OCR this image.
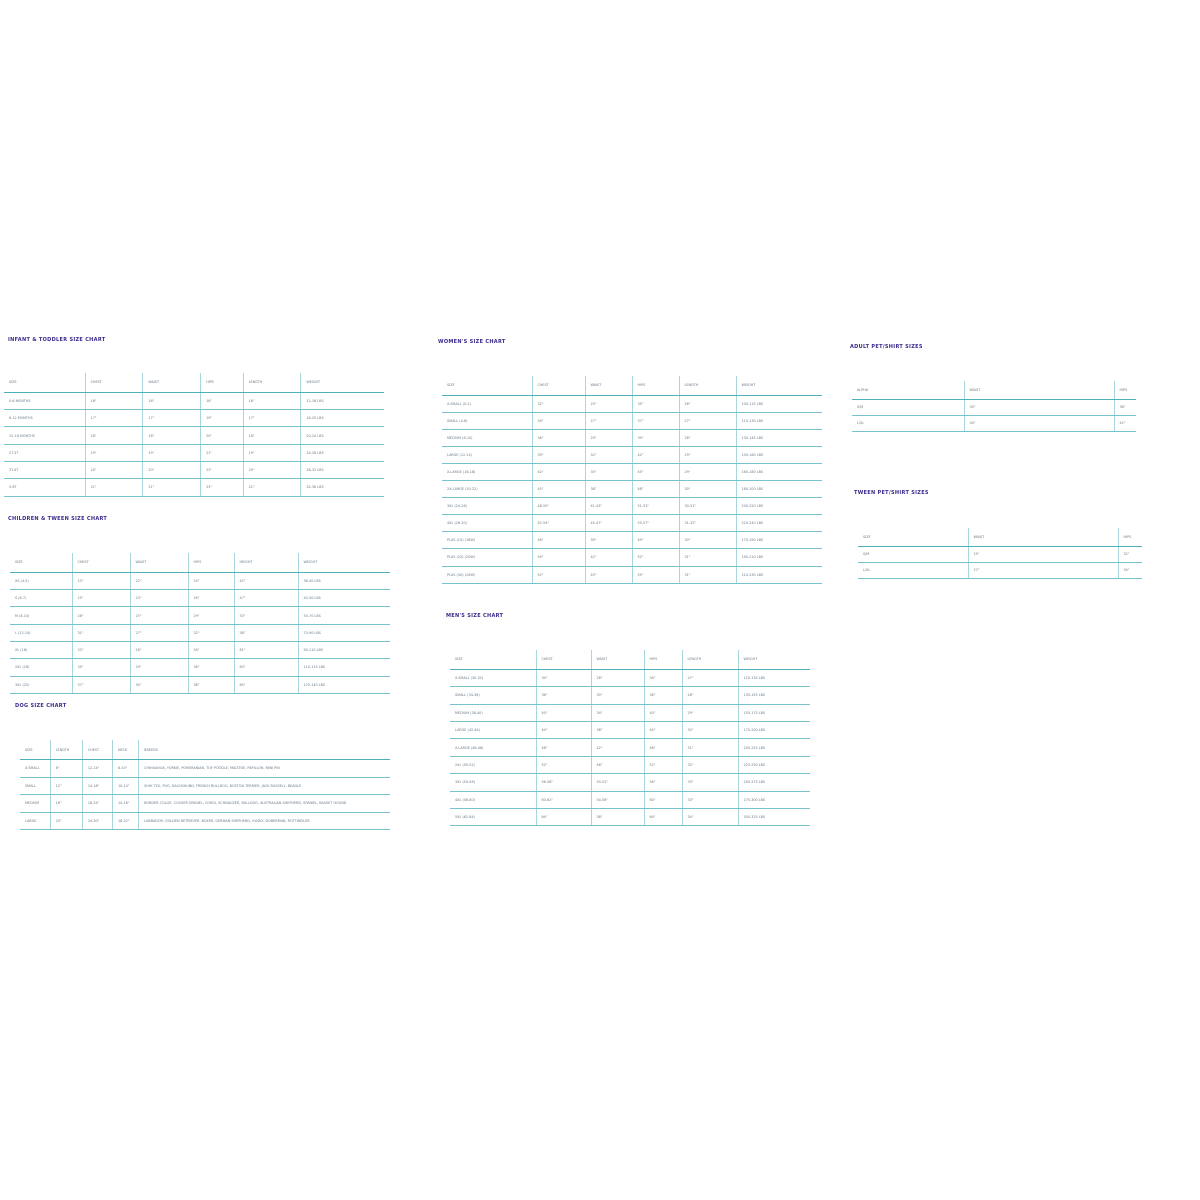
INFANT & TODDLER SIZE CHART
SIZE	CHEST	WAIST	HIPS	LENGTH	WEIGHT
0-6 MONTHS	16"	16"	18"	16"	12-16 LBS
6-12 MONTHS	17"	17"	19"	17"	16-20 LBS
12-18 MONTHS	18"	18"	20"	18"	20-24 LBS
2T-3T	19"	19"	21"	19"	24-28 LBS
3T-4T	20"	20"	22"	20"	28-32 LBS
5-6T	21"	21"	23"	21"	32-36 LBS
CHILDREN & TWEEN SIZE CHART
SIZE	CHEST	WAIST	HIPS	HEIGHT	WEIGHT
XS (4-5)	23"	22"	24"	42"	36-40 LBS
S (6-7)	25"	23"	26"	47"	40-50 LBS
M (8-10)	28"	25"	29"	53"	50-70 LBS
L (12-14)	31"	27"	32"	58"	70-90 LBS
XL (16)	33"	28"	34"	61"	90-110 LBS
2XL (18)	35"	29"	36"	63"	110-125 LBS
3XL (20)	37"	30"	38"	65"	125-140 LBS
DOG SIZE CHART
SIZE	LENGTH	CHEST	NECK	BREEDS
X-SMALL	8"	12-14"	8-10"	CHIHUAHUA, YORKIE, POMERANIAN, TOY POODLE, MALTESE, PAPILLON, MINI PIN
SMALL	12"	14-18"	10-14"	SHIH TZU, PUG, DACHSHUND, FRENCH BULLDOG, BOSTON TERRIER, JACK RUSSELL, BEAGLE
MEDIUM	16"	18-24"	14-18"	BORDER COLLIE, COCKER SPANIEL, CORGI, SCHNAUZER, BULLDOG, AUSTRALIAN SHEPHERD, SPANIEL, BASSET HOUND
LARGE	20"	24-30"	18-22"	LABRADOR, GOLDEN RETRIEVER, BOXER, GERMAN SHEPHERD, HUSKY, DOBERMAN, ROTTWEILER
WOMEN'S SIZE CHART
SIZE	CHEST	WAIST	HIPS	LENGTH	WEIGHT
X-SMALL (0-2)	32"	25"	35"	26"	100-115 LBS
SMALL (4-6)	34"	27"	37"	27"	115-130 LBS
MEDIUM (8-10)	36"	29"	39"	28"	130-145 LBS
LARGE (12-14)	39"	32"	42"	29"	145-160 LBS
X-LARGE (16-18)	42"	35"	45"	29"	160-180 LBS
2X-LARGE (20-22)	45"	38"	48"	30"	180-200 LBS
3XL (24-26)	48-50"	41-43"	51-53"	30-31"	200-220 LBS
4XL (28-30)	52-54"	45-47"	55-57"	31-32"	220-240 LBS
PLUS (1X) (16W)	46"	39"	49"	30"	170-190 LBS
PLUS (2X) (20W)	49"	42"	52"	31"	190-210 LBS
PLUS (3X) (24W)	52"	45"	55"	31"	210-230 LBS
MEN'S SIZE CHART
SIZE	CHEST	WAIST	HIPS	LENGTH	WEIGHT
X-SMALL (30-32)	34"	28"	34"	27"	120-135 LBS
SMALL (34-36)	36"	30"	36"	28"	135-155 LBS
MEDIUM (38-40)	40"	34"	40"	29"	155-175 LBS
LARGE (42-44)	44"	38"	44"	30"	175-200 LBS
X-LARGE (46-48)	48"	42"	48"	31"	200-225 LBS
2XL (50-52)	52"	46"	52"	32"	225-250 LBS
3XL (54-56)	56-58"	50-52"	56"	33"	250-275 LBS
4XL (58-60)	60-62"	54-56"	60"	33"	275-300 LBS
5XL (62-64)	64"	58"	64"	34"	300-325 LBS
ADULT PET/SHIRT SIZES
ALPHA	WAIST	HIPS
S/M	30"	38"
L/XL	34"	42"
TWEEN PET/SHIRT SIZES
SIZE	WAIST	HIPS
S/M	25"	32"
L/XL	27"	34"
